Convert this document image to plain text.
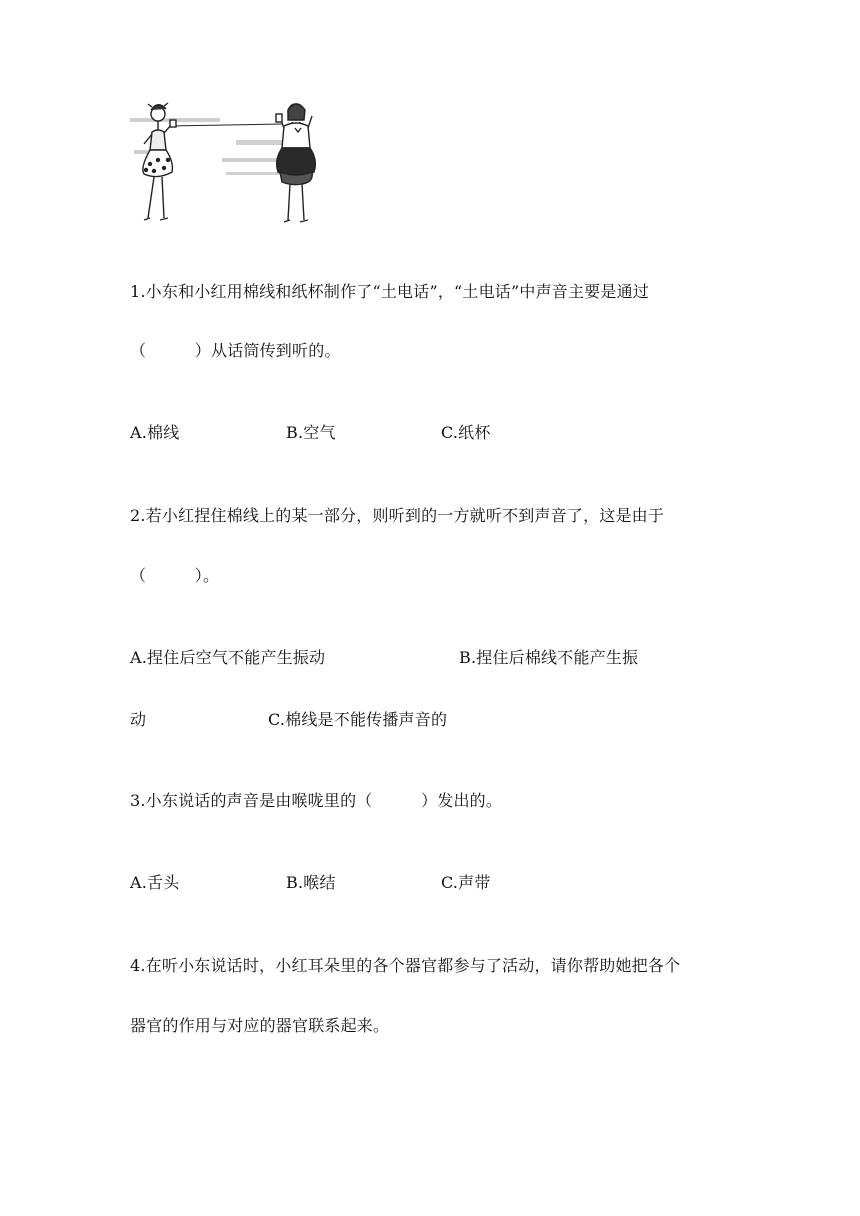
1.小东和小红用棉线和纸杯制作了“土电话”，“土电话”中声音主要是通过
（　　　）从话筒传到听的。
A.棉线	B.空气	C.纸杯
2.若小红捏住棉线上的某一部分，则听到的一方就听不到声音了，这是由于
（　　　）。
A.捏住后空气不能产生振动	B.捏住后棉线不能产生振
动	C.棉线是不能传播声音的
3.小东说话的声音是由喉咙里的（　　　）发出的。
A.舌头	B.喉结	C.声带
4.在听小东说话时，小红耳朵里的各个器官都参与了活动，请你帮助她把各个
器官的作用与对应的器官联系起来。
